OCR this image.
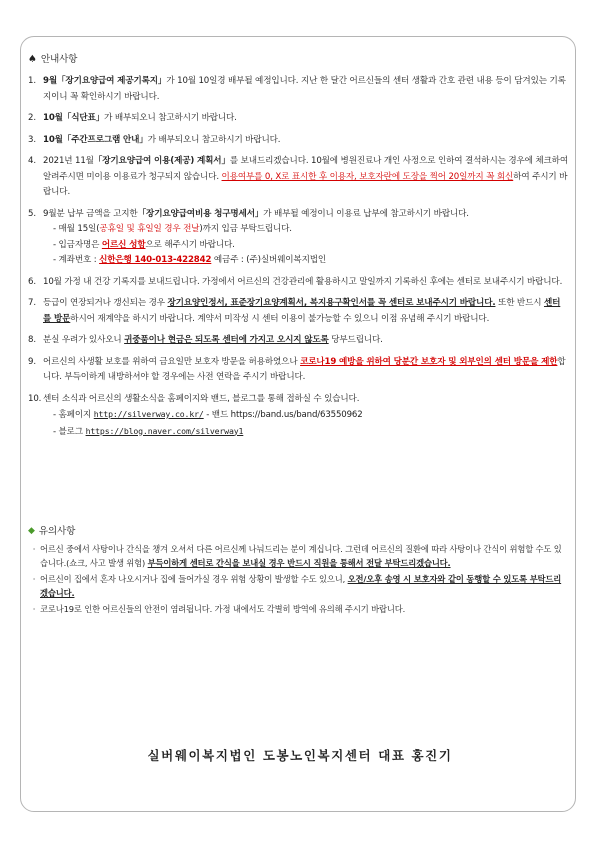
♠ 안내사항
1. 9월「장기요양급여 제공기록지」가 10월 10일경 배부될 예정입니다. 지난 한 달간 어르신들의 센터 생활과 간호 관련 내용 등이 담겨있는 기록지이니 꼭 확인하시기 바랍니다.
2. 10월「식단표」가 배부되오니 참고하시기 바랍니다.
3. 10월「주간프로그램 안내」가 배부되오니 참고하시기 바랍니다.
4. 2021년 11월「장기요양급여 이용(제공) 계획서」를 보내드리겠습니다. 10월에 병원진료나 개인 사정으로 인하여 결석하시는 경우에 체크하여 알려주시면 미이용 이용료가 청구되지 않습니다. 이용여부를 0, X로 표시한 후 이용자, 보호자란에 도장을 찍어 20일까지 꼭 회신하여 주시기 바랍니다.
5. 9월분 납부 금액을 고지한「장기요양급여비용 청구명세서」가 배부될 예정이니 이용료 납부에 참고하시기 바랍니다.
- 매월 15일(공휴일 및 휴일일 경우 전날)까지 입금 부탁드립니다.
- 입금자명은 어르신 성함으로 해주시기 바랍니다.
- 계좌번호 : 신한은행 140-013-422842 예금주 : (주)실버웨이복지법인
6. 10월 가정 내 건강 기록지를 보내드립니다. 가정에서 어르신의 건강관리에 활용하시고 말일까지 기록하신 후에는 센터로 보내주시기 바랍니다.
7. 등급이 연장되거나 갱신되는 경우 장기요양인정서, 표준장기요양계획서, 복지용구확인서를 꼭 센터로 보내주시기 바랍니다. 또한 반드시 센터를 방문하시어 재계약을 하시기 바랍니다. 계약서 미작성 시 센터 이용이 불가능할 수 있으니 이점 유념해 주시기 바랍니다.
8. 분실 우려가 있사오니 귀중품이나 현금은 되도록 센터에 가지고 오시지 않도록 당부드립니다.
9. 어르신의 사생활 보호를 위하여 금요일만 보호자 방문을 허용하였으나 코로나19 예방을 위하여 당분간 보호자 및 외부인의 센터 방문을 제한합니다. 부득이하게 내방하셔야 할 경우에는 사전 연락을 주시기 바랍니다.
10. 센터 소식과 어르신의 생활소식을 홈페이지와 밴드, 블로그를 통해 접하실 수 있습니다.
- 홈페이지 http://silverway.co.kr/ - 밴드 https://band.us/band/63550962
- 블로그 https://blog.naver.com/silverway1
◆ 유의사항
· 어르신 중에서 사탕이나 간식을 챙겨 오셔서 다른 어르신께 나눠드리는 분이 계십니다. 그런데 어르신의 질환에 따라 사탕이나 간식이 위험할 수도 있습니다.(쇼크, 사고 발생 위험) 부득이하게 센터로 간식을 보내실 경우 반드시 직원을 통해서 전달 부탁드리겠습니다.
· 어르신이 집에서 혼자 나오시거나 집에 들어가실 경우 위험 상황이 발생할 수도 있으니, 오전/오후 송영 시 보호자와 같이 동행할 수 있도록 부탁드리겠습니다.
· 코로나19로 인한 어르신들의 안전이 염려됩니다. 가정 내에서도 각별히 방역에 유의해 주시기 바랍니다.
실버웨이복지법인 도봉노인복지센터 대표 홍진기
